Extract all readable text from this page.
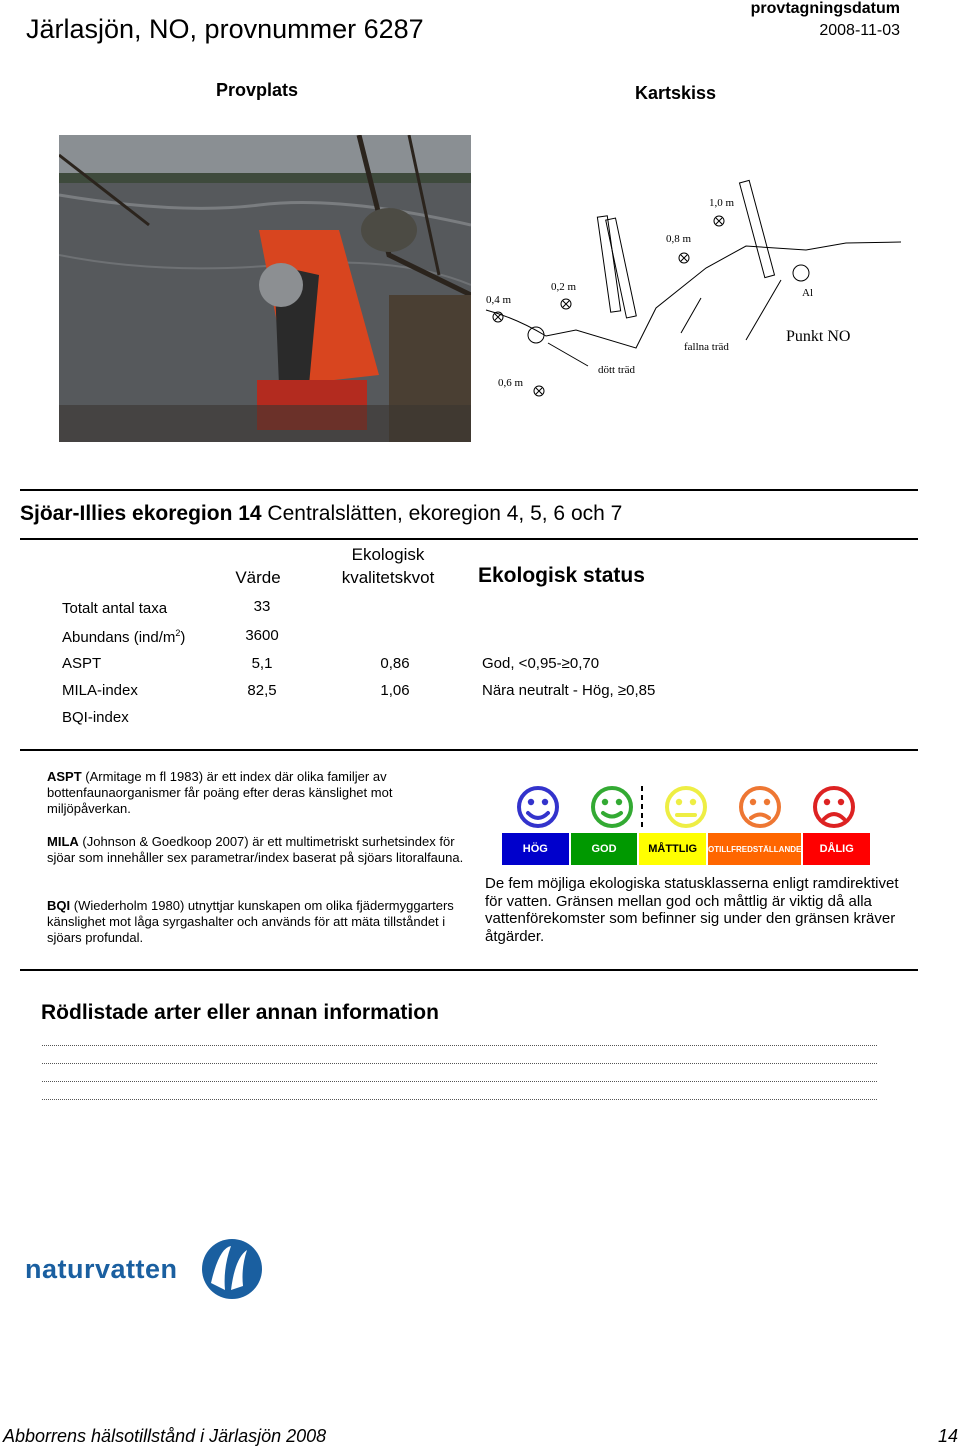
Järlasjön, NO, provnummer 6287
provtagningsdatum
2008-11-03
Provplats	Kartskiss
1,0 m
0,8 m
0,2 m
0,4 m
0,6 m
Al
Punkt NO
fallna träd
dött träd
Sjöar-Illies ekoregion 14 Centralslätten, ekoregion 4, 5, 6 och 7
Värde
Ekologisk
kvalitetskvot	Ekologisk status
Totalt antal taxa	33
Abundans $(ind/m^2)$	3600
ASPT	5,1	0,86	God, <0,95-≥0,70
MILA-index	82,5	1,06	Nära neutralt - Hög, ≥0,85
BQI-index
ASPT (Armitage m fl 1983) är ett index där olika familjer av bottenfaunaorganismer får poäng efter deras känslighet mot miljöpåverkan.
MILA (Johnson & Goedkoop 2007) är ett multimetriskt surhetsindex för sjöar som innehåller sex parametrar/index baserat på sjöars litoralfauna.
BQI (Wiederholm 1980) utnyttjar kunskapen om olika fjädermyggarters känslighet mot låga syrgashalter och används för att mäta tillståndet i sjöars profundal.
HÖG	GOD	MÅTTLIG	OTILLFREDSTÄLLANDE	DÅLIG
De fem möjliga ekologiska statusklasserna enligt ramdirektivet för vatten. Gränsen mellan god och måttlig är viktig då alla vattenförekomster som befinner sig under den gränsen kräver åtgärder.
Rödlistade arter eller annan information
naturvatten
Abborrens hälsotillstånd i Järlasjön 2008	14
